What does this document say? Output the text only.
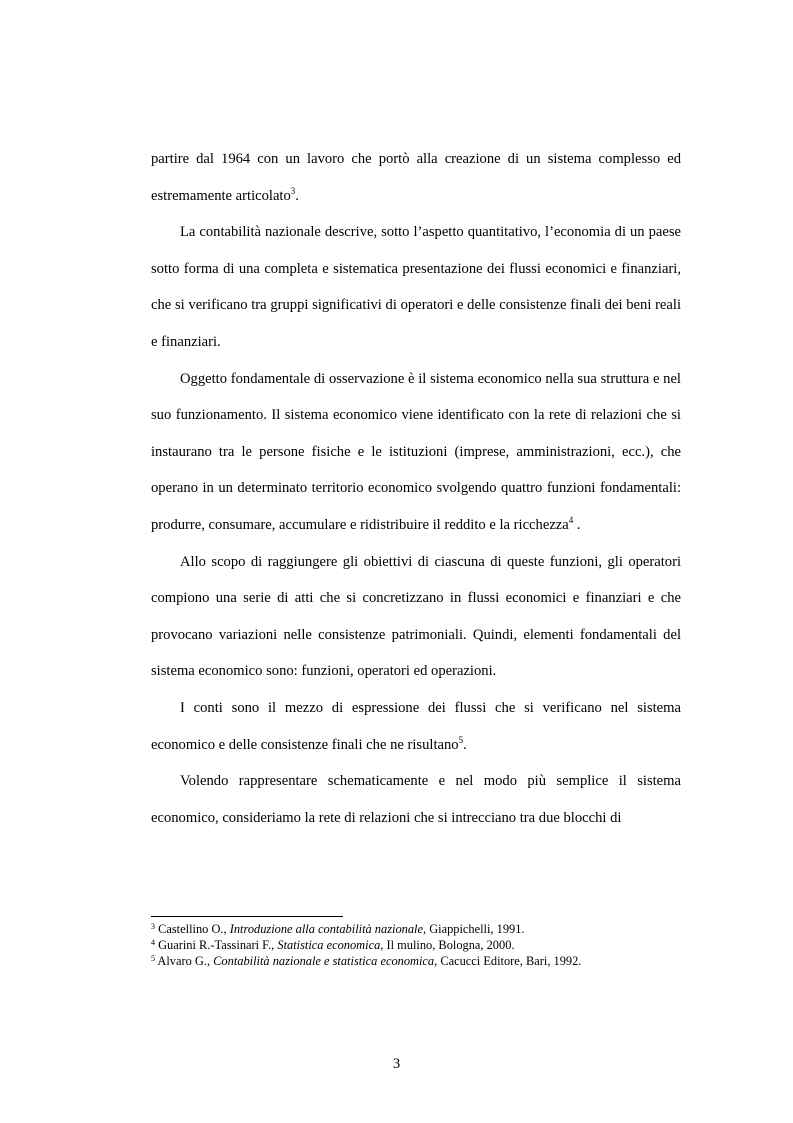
partire dal 1964 con un lavoro che portò alla creazione di un sistema complesso ed estremamente articolato$^3$.

La contabilità nazionale descrive, sotto l’aspetto quantitativo, l’economia di un paese sotto forma di una completa e sistematica presentazione dei flussi economici e finanziari, che si verificano tra gruppi significativi di operatori e delle consistenze finali dei beni reali e finanziari.

Oggetto fondamentale di osservazione è il sistema economico nella sua struttura e nel suo funzionamento. Il sistema economico viene identificato con la rete di relazioni che si instaurano tra le persone fisiche e le istituzioni (imprese, amministrazioni, ecc.), che operano in un determinato territorio economico svolgendo quattro funzioni fondamentali: produrre, consumare, accumulare e ridistribuire il reddito e la ricchezza$^4$ .

Allo scopo di raggiungere gli obiettivi di ciascuna di queste funzioni, gli operatori compiono una serie di atti che si concretizzano in flussi economici e finanziari e che provocano variazioni nelle consistenze patrimoniali. Quindi, elementi fondamentali del sistema economico sono: funzioni, operatori ed operazioni.

I conti sono il mezzo di espressione dei flussi che si verificano nel sistema economico e delle consistenze finali che ne risultano$^5$.

Volendo rappresentare schematicamente e nel modo più semplice il sistema economico, consideriamo la rete di relazioni che si intrecciano tra due blocchi di

$^3$ Castellino O., Introduzione alla contabilità nazionale, Giappichelli, 1991.

$^4$ Guarini R.-Tassinari F., Statistica economica, Il mulino, Bologna, 2000.

$^5$ Alvaro G., Contabilità nazionale e statistica economica, Cacucci Editore, Bari, 1992.

3
